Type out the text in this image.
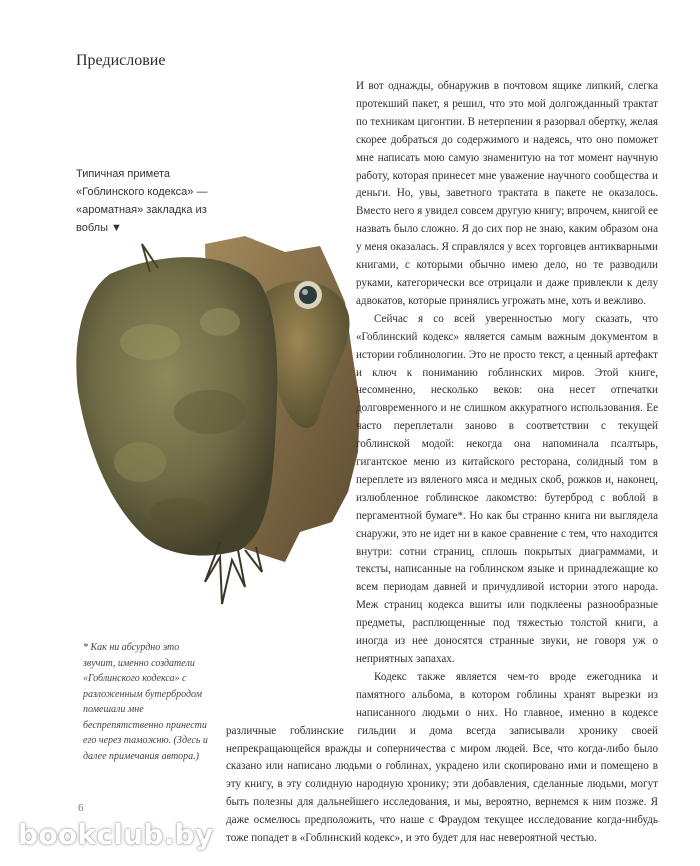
Предисловие
Типичная примета «Гоблинского кодекса» — «ароматная» закладка из воблы ▼

И вот однажды, обнаружив в почтовом ящике липкий, слегка протекший пакет, я решил, что это мой долгожданный трактат по техникам цигонтии. В нетерпении я разорвал обертку, желая скорее добраться до содержимого и надеясь, что оно поможет мне написать мою самую знаменитую на тот момент научную работу, которая принесет мне уважение научного сообщества и деньги. Но, увы, заветного трактата в пакете не оказалось. Вместо него я увидел совсем другую книгу; впрочем, книгой ее назвать было сложно. Я до сих пор не знаю, каким образом она у меня оказалась. Я справлялся у всех торговцев антикварными книгами, с которыми обычно имею дело, но те разводили руками, категорически все отрицали и даже привлекли к делу адвокатов, которые принялись угрожать мне, хоть и вежливо.

Сейчас я со всей уверенностью могу сказать, что «Гоблинский кодекс» является самым важным документом в истории гоблинологии. Это не просто текст, а ценный артефакт и ключ к пониманию гоблинских миров. Этой книге, несомненно, несколько веков: она несет отпечатки долговременного и не слишком аккуратного использования. Ее часто переплетали заново в соответствии с текущей гоблинской модой: некогда она напоминала псалтырь, гигантское меню из китайского ресторана, солидный том в переплете из вяленого мяса и медных скоб, рожков и, наконец, излюбленное гоблинское лакомство: бутерброд с воблой в пергаментной бумаге*. Но как бы странно книга ни выглядела снаружи, это не идет ни в какое сравнение с тем, что находится внутри: сотни страниц, сплошь покрытых диаграммами, и тексты, написанные на гоблинском языке и принадлежащие ко всем периодам давней и причудливой истории этого народа. Меж страниц кодекса вшиты или подклеены разнообразные предметы, расплющенные под тяжестью толстой книги, а иногда из нее доносятся странные звуки, не говоря уж о неприятных запахах.

Кодекс также является чем-то вроде ежегодника и памятного альбома, в котором гоблины хранят вырезки из написанного людьми о них. Но главное, именно в кодексе различные гоблинские гильдии и дома всегда записывали хронику своей непрекращающейся вражды и соперничества с миром людей. Все, что когда-либо было сказано или написано людьми о гоблинах, украдено или скопировано ими и помещено в эту книгу, в эту солидную народную хронику; эти добавления, сделанные людьми, могут быть полезны для дальнейшего исследования, и мы, вероятно, вернемся к ним позже. Я даже осмелюсь предположить, что наше с Фраудом текущее исследование когда-нибудь тоже попадет в «Гоблинский кодекс», и это будет для нас невероятной честью.

* Как ни абсурдно это звучит, именно создатели «Гоблинского кодекса» с разложенным бутербродом помешали мне беспрепятственно принести его через таможню. (Здесь и далее примечания автора.)
6
bookclub.by
